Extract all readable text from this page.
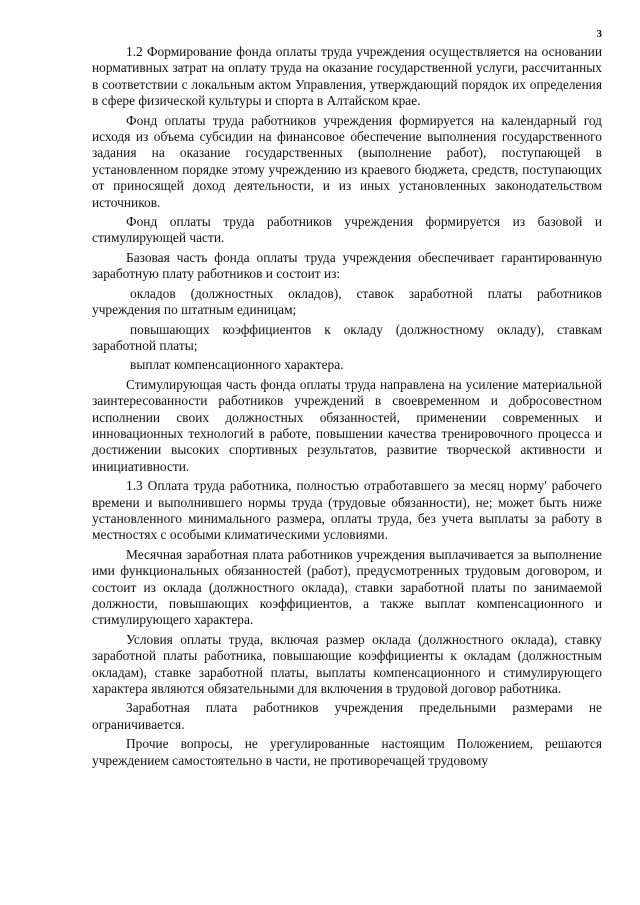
3

1.2 Формирование фонда оплаты труда учреждения осуществляется на основании нормативных затрат на оплату труда на оказание государственной услуги, рассчитанных в соответствии с локальным актом Управления, утверждающий порядок их определения в сфере физической культуры и спорта в Алтайском крае.

Фонд оплаты труда работников учреждения формируется на календарный год исходя из объема субсидии на финансовое обеспечение выполнения государственного задания на оказание государственных (выполнение работ), поступающей в установленном порядке этому учреждению из краевого бюджета, средств, поступающих от приносящей доход деятельности, и из иных установленных законодательством источников.

Фонд оплаты труда работников учреждения формируется из базовой и стимулирующей части.

Базовая часть фонда оплаты труда учреждения обеспечивает гарантированную заработную плату работников и состоит из:

окладов (должностных окладов), ставок заработной платы работников учреждения по штатным единицам;

повышающих коэффициентов к окладу (должностному окладу), ставкам заработной платы;

выплат компенсационного характера.

Стимулирующая часть фонда оплаты труда направлена на усиление материальной заинтересованности работников учреждений в своевременном и добросовестном исполнении своих должностных обязанностей, применении современных и инновационных технологий в работе, повышении качества тренировочного процесса и достижении высоких спортивных результатов, развитие творческой активности и инициативности.

1.3 Оплата труда работника, полностью отработавшего за месяц норму' рабочего времени и выполнившего нормы труда (трудовые обязанности), не; может быть ниже установленного минимального размера, оплаты труда, без учета выплаты за работу в местностях с особыми климатическими условиями.

Месячная заработная плата работников учреждения выплачивается за выполнение ими функциональных обязанностей (работ), предусмотренных трудовым договором, и состоит из оклада (должностного оклада), ставки заработной платы по занимаемой должности, повышающих коэффициентов, а также выплат компенсационного и стимулирующего характера.

Условия оплаты труда, включая размер оклада (должностного оклада), ставку заработной платы работника, повышающие коэффициенты к окладам (должностным окладам), ставке заработной платы, выплаты компенсационного и стимулирующего характера являются обязательными для включения в трудовой договор работника.

Заработная плата работников учреждения предельными размерами не ограничивается.

Прочие вопросы, не урегулированные настоящим Положением, решаются учреждением самостоятельно в части, не противоречащей трудовому
